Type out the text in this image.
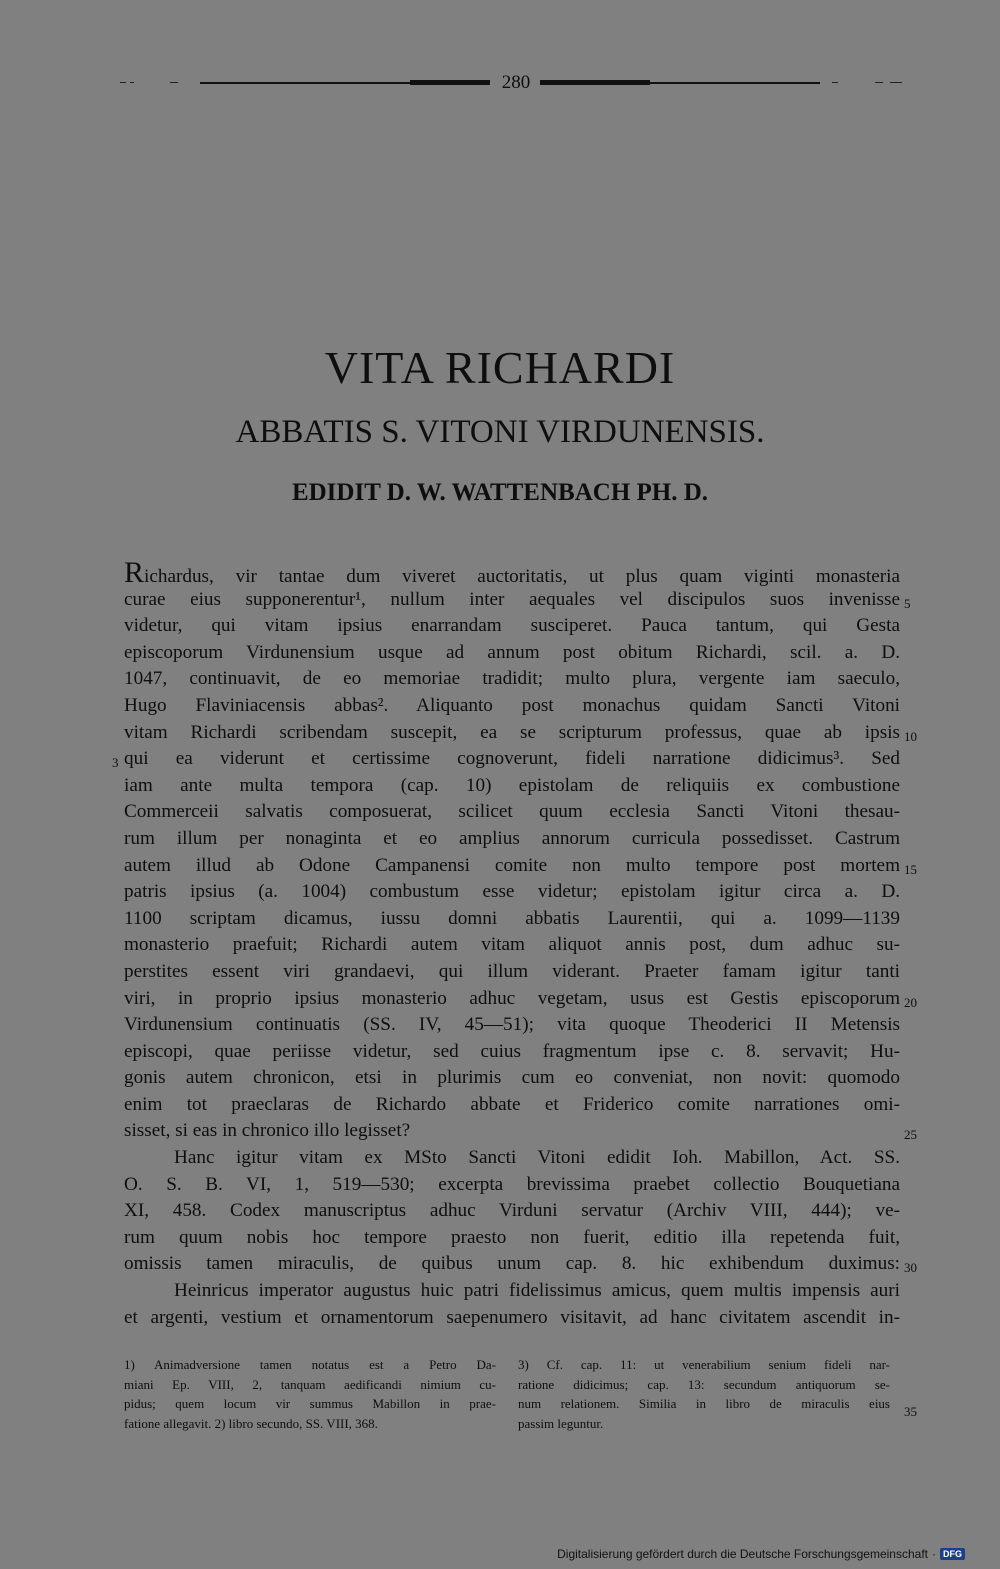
280
VITA RICHARDI
ABBATIS S. VITONI VIRDUNENSIS.
EDIDIT D. W. WATTENBACH PH. D.
Richardus, vir tantae dum viveret auctoritatis, ut plus quam viginti monasteria
curae eius supponerentur¹, nullum inter aequales vel discipulos suos invenisse 5
videtur, qui vitam ipsius enarrandam susciperet. Pauca tantum, qui Gesta
episcoporum Virdunensium usque ad annum post obitum Richardi, scil. a. D.
1047, continuavit, de eo memoriae tradidit; multo plura, vergente iam saeculo,
Hugo Flaviniacensis abbas². Aliquanto post monachus quidam Sancti Vitoni
vitam Richardi scribendam suscepit, ea se scripturum professus, quae ab ipsis 10
qui ea viderunt et certissime cognoverunt, fideli narratione didicimus³. Sed
3
iam ante multa tempora (cap. 10) epistolam de reliquiis ex combustione
Commerceii salvatis composuerat, scilicet quum ecclesia Sancti Vitoni thesau-
rum illum per nonaginta et eo amplius annorum curricula possedisset. Castrum
autem illud ab Odone Campanensi comite non multo tempore post mortem 15
patris ipsius (a. 1004) combustum esse videtur; epistolam igitur circa a. D.
1100 scriptam dicamus, iussu domni abbatis Laurentii, qui a. 1099—1139
monasterio praefuit; Richardi autem vitam aliquot annis post, dum adhuc su-
perstites essent viri grandaevi, qui illum viderant. Praeter famam igitur tanti
viri, in proprio ipsius monasterio adhuc vegetam, usus est Gestis episcoporum 20
Virdunensium continuatis (SS. IV, 45—51); vita quoque Theoderici II Metensis
episcopi, quae periisse videtur, sed cuius fragmentum ipse c. 8. servavit; Hu-
gonis autem chronicon, etsi in plurimis cum eo conveniat, non novit: quomodo
enim tot praeclaras de Richardo abbate et Friderico comite narrationes omi-
sisset, si eas in chronico illo legisset?	25
Hanc igitur vitam ex MSto Sancti Vitoni edidit Ioh. Mabillon, Act. SS.
O. S. B. VI, 1, 519—530; excerpta brevissima praebet collectio Bouquetiana
XI, 458. Codex manuscriptus adhuc Virduni servatur (Archiv VIII, 444); ve-
rum quum nobis hoc tempore praesto non fuerit, editio illa repetenda fuit,
omissis tamen miraculis, de quibus unum cap. 8. hic exhibendum duximus: 30
Heinricus imperator augustus huic patri fidelissimus amicus, quem multis impensis auri
et argenti, vestium et ornamentorum saepenumero visitavit, ad hanc civitatem ascendit in-
1) Animadversione tamen notatus est a Petro Da-
miani Ep. VIII, 2, tanquam aedificandi nimium cu-
pidus; quem locum vir summus Mabillon in prae-
fatione allegavit. 2) libro secundo, SS. VIII, 368.
3) Cf. cap. 11: ut venerabilium senium fideli nar-
ratione didicimus; cap. 13: secundum antiquorum se-
num relationem. Similia in libro de miraculis eius
passim leguntur.
35
Digitalisierung gefördert durch die Deutsche Forschungsgemeinschaft · DFG
